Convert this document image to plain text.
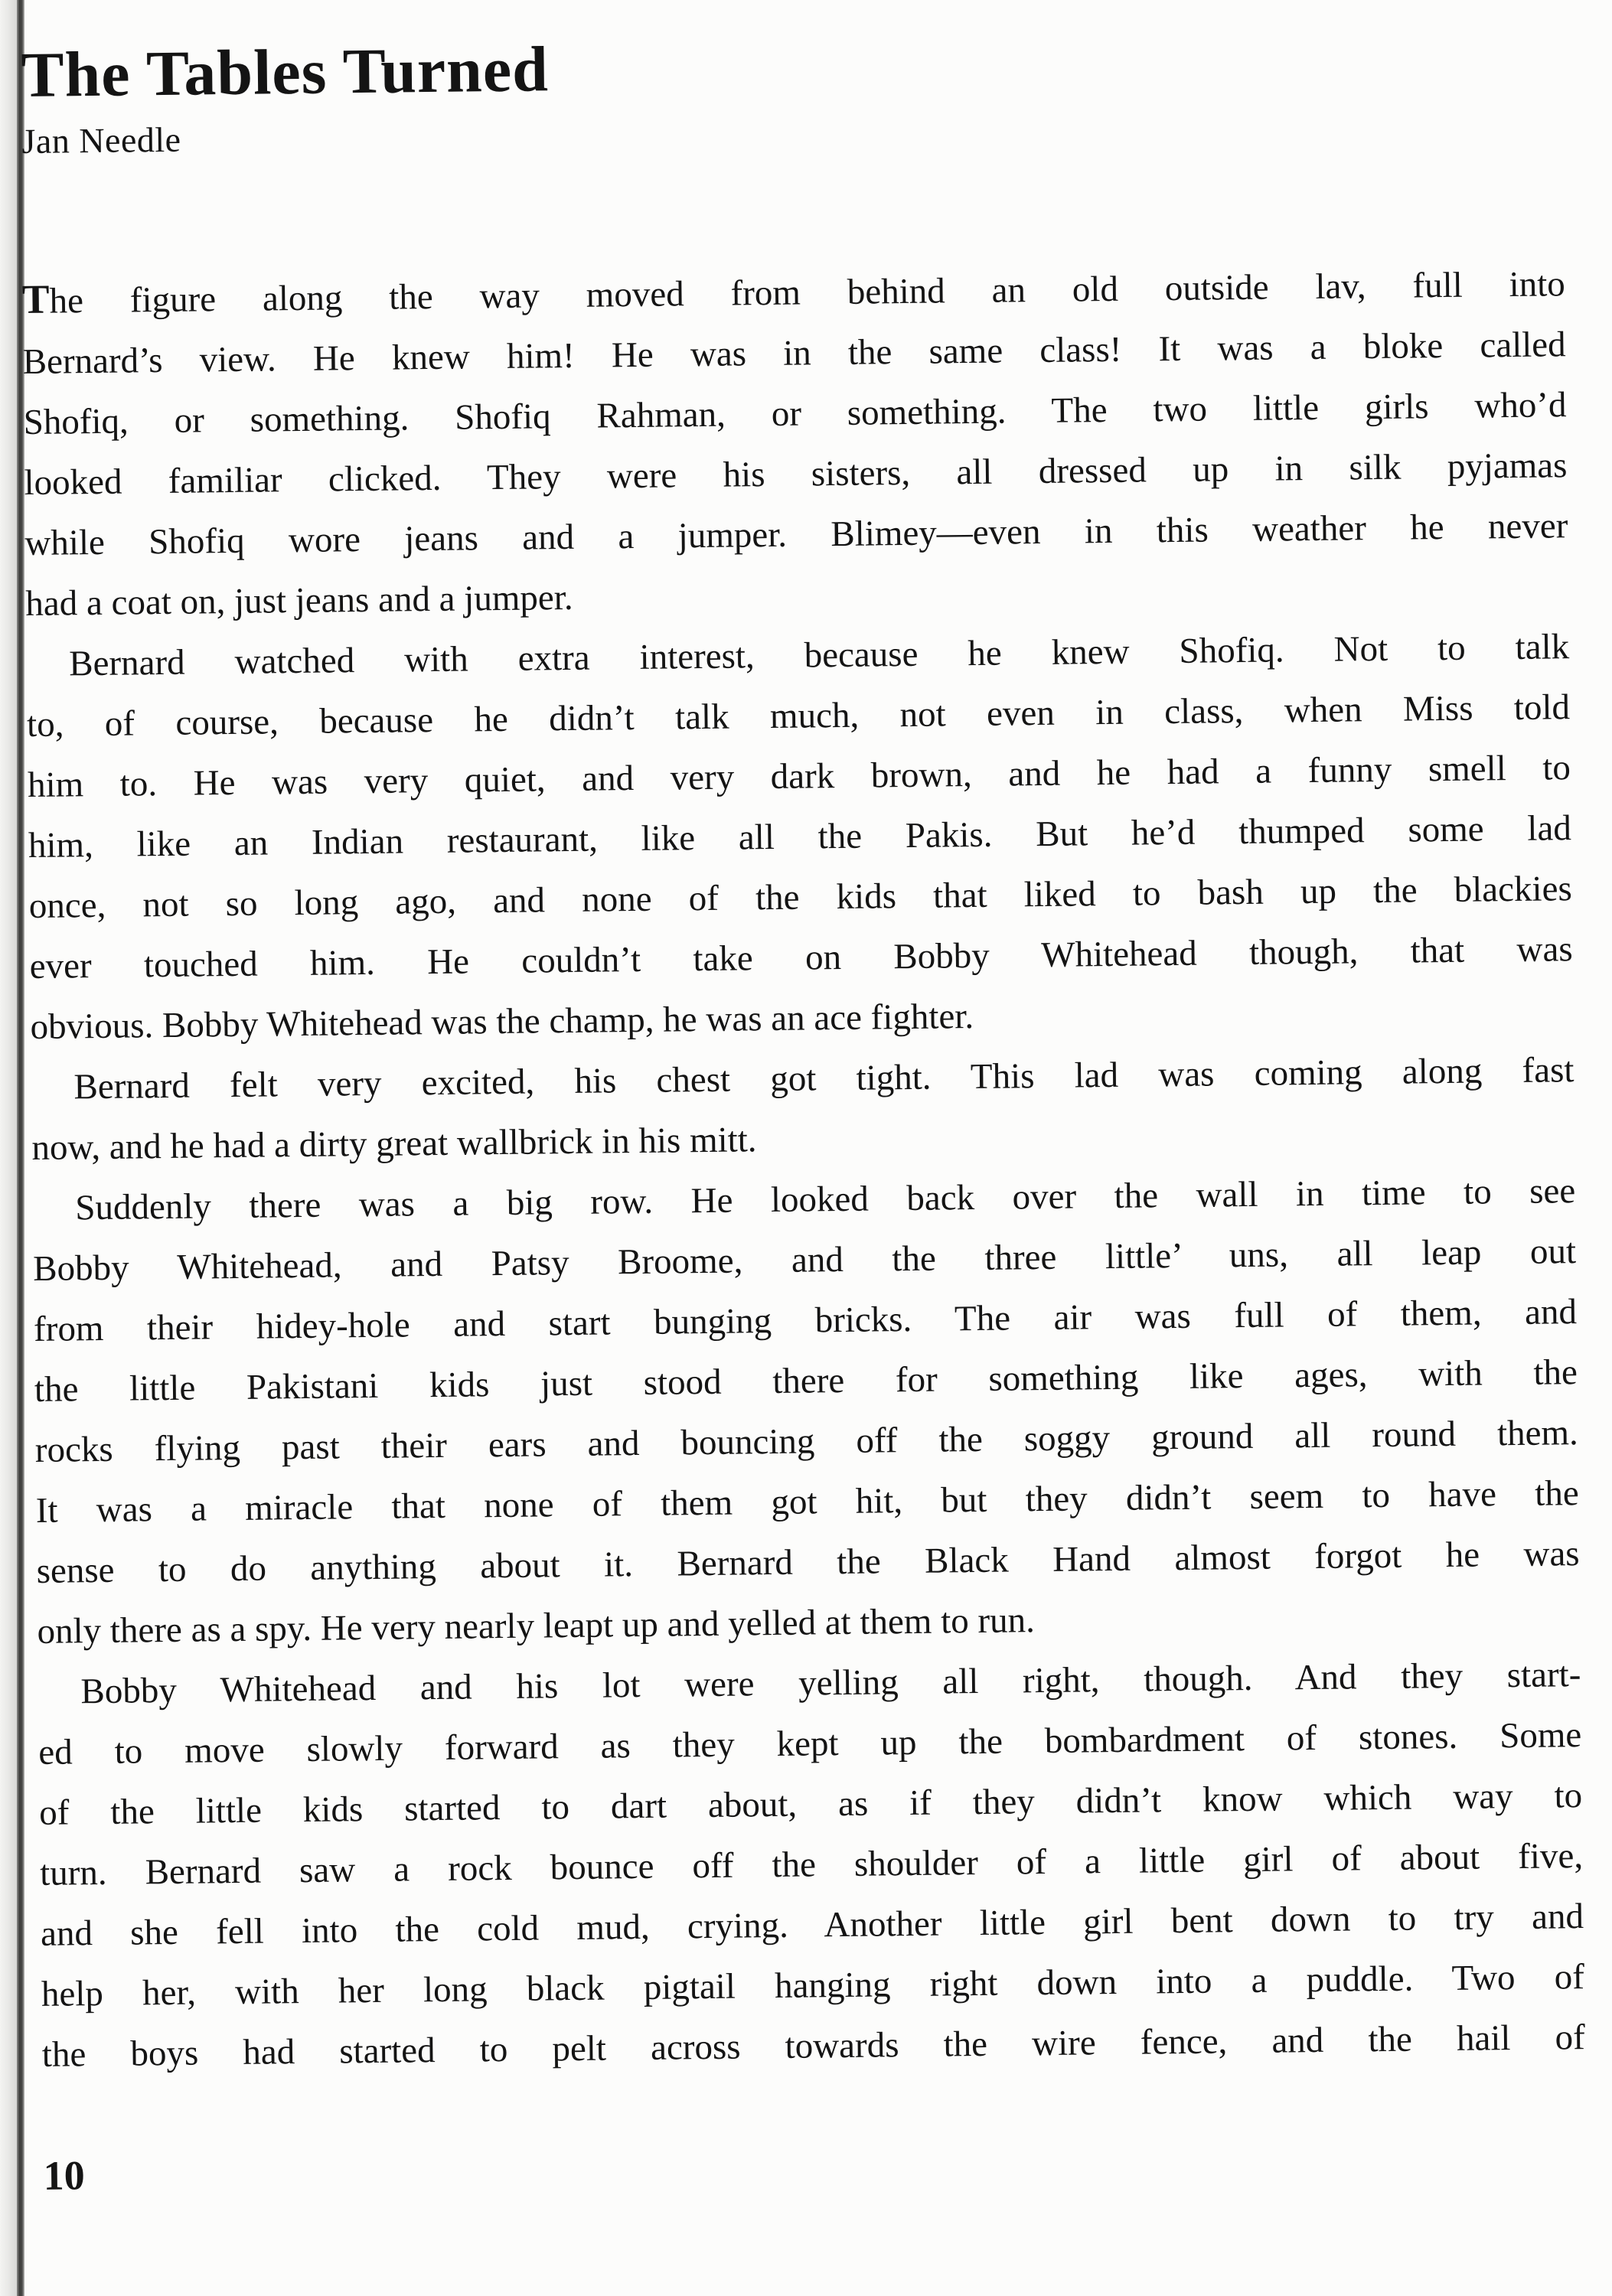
The Tables Turned
Jan Needle
The figure along the way moved from behind an old outside lav, full into
Bernard’s view. He knew him! He was in the same class! It was a bloke called
Shofiq, or something. Shofiq Rahman, or something. The two little girls who’d
looked familiar clicked. They were his sisters, all dressed up in silk pyjamas
while Shofiq wore jeans and a jumper. Blimey—even in this weather he never
had a coat on, just jeans and a jumper.
Bernard watched with extra interest, because he knew Shofiq. Not to talk
to, of course, because he didn’t talk much, not even in class, when Miss told
him to. He was very quiet, and very dark brown, and he had a funny smell to
him, like an Indian restaurant, like all the Pakis. But he’d thumped some lad
once, not so long ago, and none of the kids that liked to bash up the blackies
ever touched him. He couldn’t take on Bobby Whitehead though, that was
obvious. Bobby Whitehead was the champ, he was an ace fighter.
Bernard felt very excited, his chest got tight. This lad was coming along fast
now, and he had a dirty great wallbrick in his mitt.
Suddenly there was a big row. He looked back over the wall in time to see
Bobby Whitehead, and Patsy Broome, and the three little’ uns, all leap out
from their hidey-hole and start bunging bricks. The air was full of them, and
the little Pakistani kids just stood there for something like ages, with the
rocks flying past their ears and bouncing off the soggy ground all round them.
It was a miracle that none of them got hit, but they didn’t seem to have the
sense to do anything about it. Bernard the Black Hand almost forgot he was
only there as a spy. He very nearly leapt up and yelled at them to run.
Bobby Whitehead and his lot were yelling all right, though. And they start-
ed to move slowly forward as they kept up the bombardment of stones. Some
of the little kids started to dart about, as if they didn’t know which way to
turn. Bernard saw a rock bounce off the shoulder of a little girl of about five,
and she fell into the cold mud, crying. Another little girl bent down to try and
help her, with her long black pigtail hanging right down into a puddle. Two of
the boys had started to pelt across towards the wire fence, and the hail of
10
